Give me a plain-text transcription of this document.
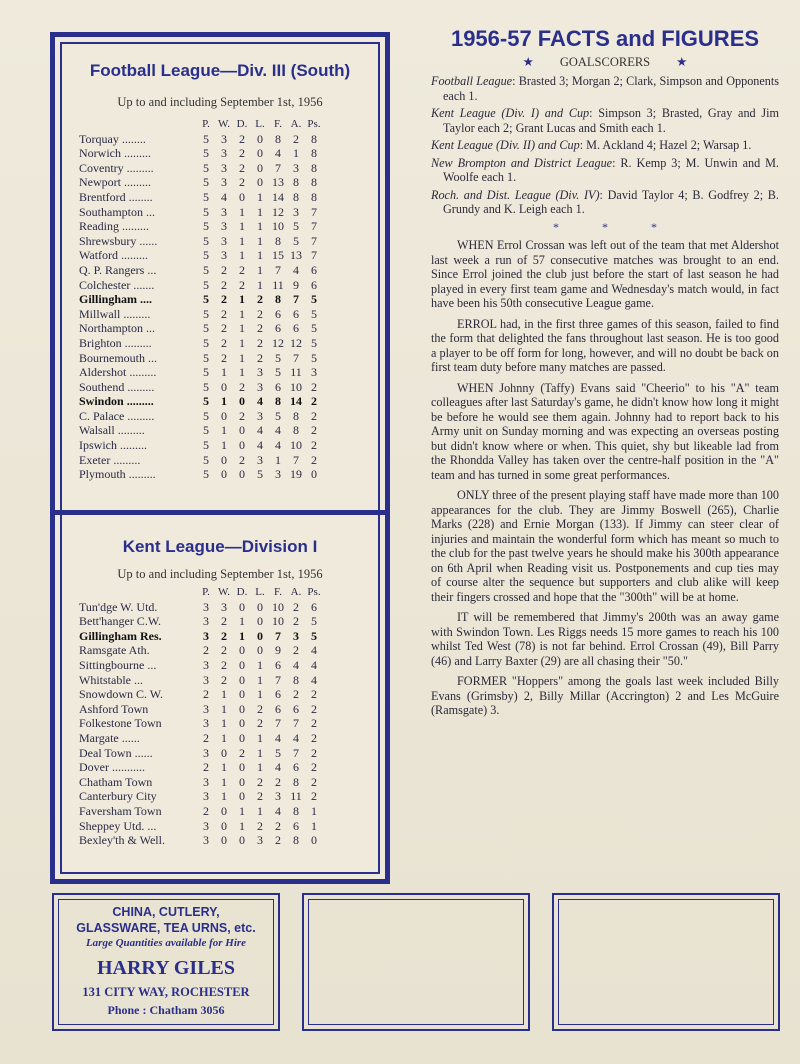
Football League—Div. III (South)
Up to and including September 1st, 1956
	P.	W.	D.	L.	F.	A.	Ps.
Torquay ........	5	3	2	0	8	2	8
Norwich .........	5	3	2	0	4	1	8
Coventry .........	5	3	2	0	7	3	8
Newport .........	5	3	2	0	13	8	8
Brentford ........	5	4	0	1	14	8	8
Southampton ...	5	3	1	1	12	3	7
Reading .........	5	3	1	1	10	5	7
Shrewsbury ......	5	3	1	1	8	5	7
Watford .........	5	3	1	1	15	13	7
Q. P. Rangers ...	5	2	2	1	7	4	6
Colchester .......	5	2	2	1	11	9	6
Gillingham ....	5	2	1	2	8	7	5
Millwall .........	5	2	1	2	6	6	5
Northampton ...	5	2	1	2	6	6	5
Brighton .........	5	2	1	2	12	12	5
Bournemouth ...	5	2	1	2	5	7	5
Aldershot .........	5	1	1	3	5	11	3
Southend .........	5	0	2	3	6	10	2
Swindon .........	5	1	0	4	8	14	2
C. Palace .........	5	0	2	3	5	8	2
Walsall .........	5	1	0	4	4	8	2
Ipswich .........	5	1	0	4	4	10	2
Exeter .........	5	0	2	3	1	7	2
Plymouth .........	5	0	0	5	3	19	0
Kent League—Division I
Up to and including September 1st, 1956
	P.	W.	D.	L.	F.	A.	Ps.
Tun'dge W. Utd.	3	3	0	0	10	2	6
Bett'hanger C.W.	3	2	1	0	10	2	5
Gillingham Res.	3	2	1	0	7	3	5
Ramsgate Ath.	2	2	0	0	9	2	4
Sittingbourne ...	3	2	0	1	6	4	4
Whitstable ...	3	2	0	1	7	8	4
Snowdown C. W.	2	1	0	1	6	2	2
Ashford Town	3	1	0	2	6	6	2
Folkestone Town	3	1	0	2	7	7	2
Margate ......	2	1	0	1	4	4	2
Deal Town ......	3	0	2	1	5	7	2
Dover ...........	2	1	0	1	4	6	2
Chatham Town	3	1	0	2	2	8	2
Canterbury City	3	1	0	2	3	11	2
Faversham Town	2	0	1	1	4	8	1
Sheppey Utd. ...	3	0	1	2	2	6	1
Bexley'th & Well.	3	0	0	3	2	8	0
1956-57 FACTS and FIGURES
★ GOALSCORERS ★
Football League: Brasted 3; Morgan 2; Clark, Simpson and Opponents each 1.
Kent League (Div. I) and Cup: Simpson 3; Brasted, Gray and Jim Taylor each 2; Grant Lucas and Smith each 1.
Kent League (Div. II) and Cup: M. Ackland 4; Hazel 2; Warsap 1.
New Brompton and District League: R. Kemp 3; M. Unwin and M. Woolfe each 1.
Roch. and Dist. League (Div. IV): David Taylor 4; B. Godfrey 2; B. Grundy and K. Leigh each 1.
* * *
WHEN Errol Crossan was left out of the team that met Aldershot last week a run of 57 consecutive matches was brought to an end. Since Errol joined the club just before the start of last season he had played in every first team game and Wednesday's match would, in fact have been his 50th consecutive League game.
ERROL had, in the first three games of this season, failed to find the form that delighted the fans throughout last season. He is too good a player to be off form for long, however, and will no doubt be back on first team duty before many matches are passed.
WHEN Johnny (Taffy) Evans said "Cheerio" to his "A" team colleagues after last Saturday's game, he didn't know how long it might be before he would see them again. Johnny had to report back to his Army unit on Sunday morning and was expecting an overseas posting but didn't know where or when. This quiet, shy but likeable lad from the Rhondda Valley has taken over the centre-half position in the "A" team and has turned in some great performances.
ONLY three of the present playing staff have made more than 100 appearances for the club. They are Jimmy Boswell (265), Charlie Marks (228) and Ernie Morgan (133). If Jimmy can steer clear of injuries and maintain the wonderful form which has meant so much to the club for the past twelve years he should make his 300th appearance on 6th April when Reading visit us. Postponements and cup ties may of course alter the sequence but supporters and club alike will keep their fingers crossed and hope that the "300th" will be at home.
IT will be remembered that Jimmy's 200th was an away game with Swindon Town. Les Riggs needs 15 more games to reach his 100 whilst Ted West (78) is not far behind. Errol Crossan (49), Bill Parry (46) and Larry Baxter (29) are all chasing their "50."
FORMER "Hoppers" among the goals last week included Billy Evans (Grimsby) 2, Billy Millar (Accrington) 2 and Les McGuire (Ramsgate) 3.
CHINA, CUTLERY,
GLASSWARE, TEA URNS, etc.
Large Quantities available for Hire
HARRY GILES
131 CITY WAY, ROCHESTER
Phone : Chatham 3056
